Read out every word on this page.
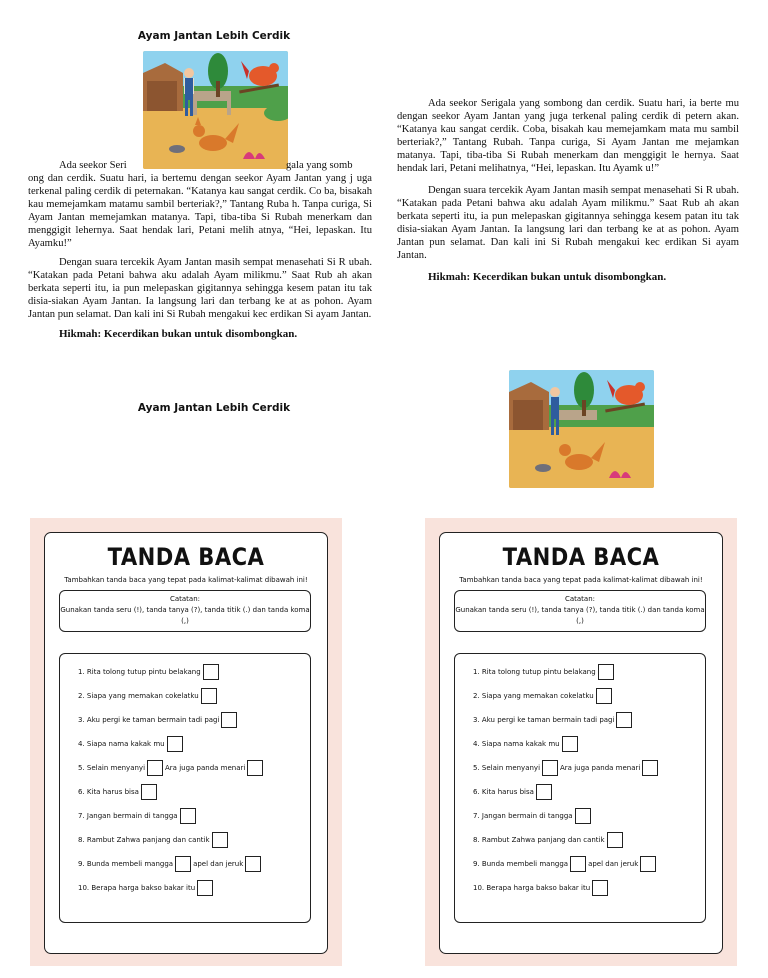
Ayam Jantan Lebih Cerdik
Ada seekor Seri	gala yang somb

ong dan cerdik. Suatu hari, ia bertemu dengan seekor Ayam Jantan yang j uga terkenal paling cerdik di peternakan. “Katanya kau sangat cerdik. Co ba, bisakah kau memejamkam matamu sambil berteriak?,” Tantang Ruba h. Tanpa curiga, Si Ayam Jantan memejamkan matanya. Tapi, tiba-tiba Si Rubah menerkam dan menggigit lehernya. Saat hendak lari, Petani melih atnya, “Hei, lepaskan. Itu Ayamku!”

Dengan suara tercekik Ayam Jantan masih sempat menasehati Si R ubah. “Katakan pada Petani bahwa aku adalah Ayam milikmu.” Saat Rub ah akan berkata seperti itu, ia pun melepaskan gigitannya sehingga kesem patan itu tak disia-siakan Ayam Jantan. Ia langsung lari dan terbang ke at as pohon. Ayam Jantan pun selamat. Dan kali ini Si Rubah mengakui kec erdikan Si ayam Jantan.

Hikmah: Kecerdikan bukan untuk disombongkan.
Ayam Jantan Lebih Cerdik

Ada seekor Serigala yang sombong dan cerdik. Suatu hari, ia berte mu dengan seekor Ayam Jantan yang juga terkenal paling cerdik di petern akan. “Katanya kau sangat cerdik. Coba, bisakah kau memejamkam mata mu sambil berteriak?,” Tantang Rubah. Tanpa curiga, Si Ayam Jantan me mejamkan matanya. Tapi, tiba-tiba Si Rubah menerkam dan menggigit le hernya. Saat hendak lari, Petani melihatnya, “Hei, lepaskan. Itu Ayamk u!”

Dengan suara tercekik Ayam Jantan masih sempat menasehati Si R ubah. “Katakan pada Petani bahwa aku adalah Ayam milikmu.” Saat Rub ah akan berkata seperti itu, ia pun melepaskan gigitannya sehingga kesem patan itu tak disia-siakan Ayam Jantan. Ia langsung lari dan terbang ke at as pohon. Ayam Jantan pun selamat. Dan kali ini Si Rubah mengakui kec erdikan Si ayam Jantan.

Hikmah: Kecerdikan bukan untuk disombongkan.
TANDA BACA
Tambahkan tanda baca yang tepat pada kalimat-kalimat dibawah ini!
Catatan:
Gunakan tanda seru (!), tanda tanya (?), tanda titik (.) dan tanda koma (,)
1. Rita tolong tutup pintu belakang
2. Siapa yang memakan cokelatku
3. Aku pergi ke taman bermain tadi pagi
4. Siapa nama kakak mu
5. Selain menyanyi	Ara juga panda menari
6. Kita harus bisa
7. Jangan bermain di tangga
8. Rambut Zahwa panjang dan cantik
9. Bunda membeli mangga	apel dan jeruk
10. Berapa harga bakso bakar itu
TANDA BACA
Tambahkan tanda baca yang tepat pada kalimat-kalimat dibawah ini!
Catatan:
Gunakan tanda seru (!), tanda tanya (?), tanda titik (.) dan tanda koma (,)
1. Rita tolong tutup pintu belakang
2. Siapa yang memakan cokelatku
3. Aku pergi ke taman bermain tadi pagi
4. Siapa nama kakak mu
5. Selain menyanyi	Ara juga panda menari
6. Kita harus bisa
7. Jangan bermain di tangga
8. Rambut Zahwa panjang dan cantik
9. Bunda membeli mangga	apel dan jeruk
10. Berapa harga bakso bakar itu
